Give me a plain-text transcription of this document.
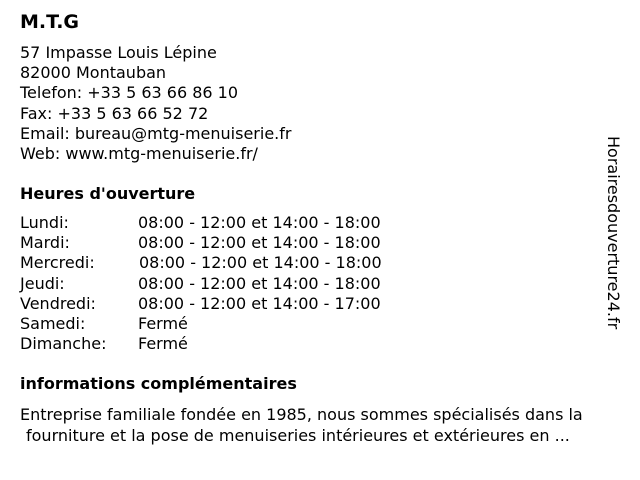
M.T.G
57 Impasse Louis Lépine
82000 Montauban
Telefon: +33 5 63 66 86 10
Fax: +33 5 63 66 52 72
Email: bureau@mtg-menuiserie.fr
Web: www.mtg-menuiserie.fr/
Heures d'ouverture
Lundi:	08:00 - 12:00 et 14:00 - 18:00
Mardi:	08:00 - 12:00 et 14:00 - 18:00
Mercredi:	08:00 - 12:00 et 14:00 - 18:00
Jeudi:	08:00 - 12:00 et 14:00 - 18:00
Vendredi:	08:00 - 12:00 et 14:00 - 17:00
Samedi:	Fermé
Dimanche: Fermé
informations complémentaires
Entreprise familiale fondée en 1985, nous sommes spécialisés dans la
fourniture et la pose de menuiseries intérieures et extérieures en ...
Horairesdouverture24.fr
